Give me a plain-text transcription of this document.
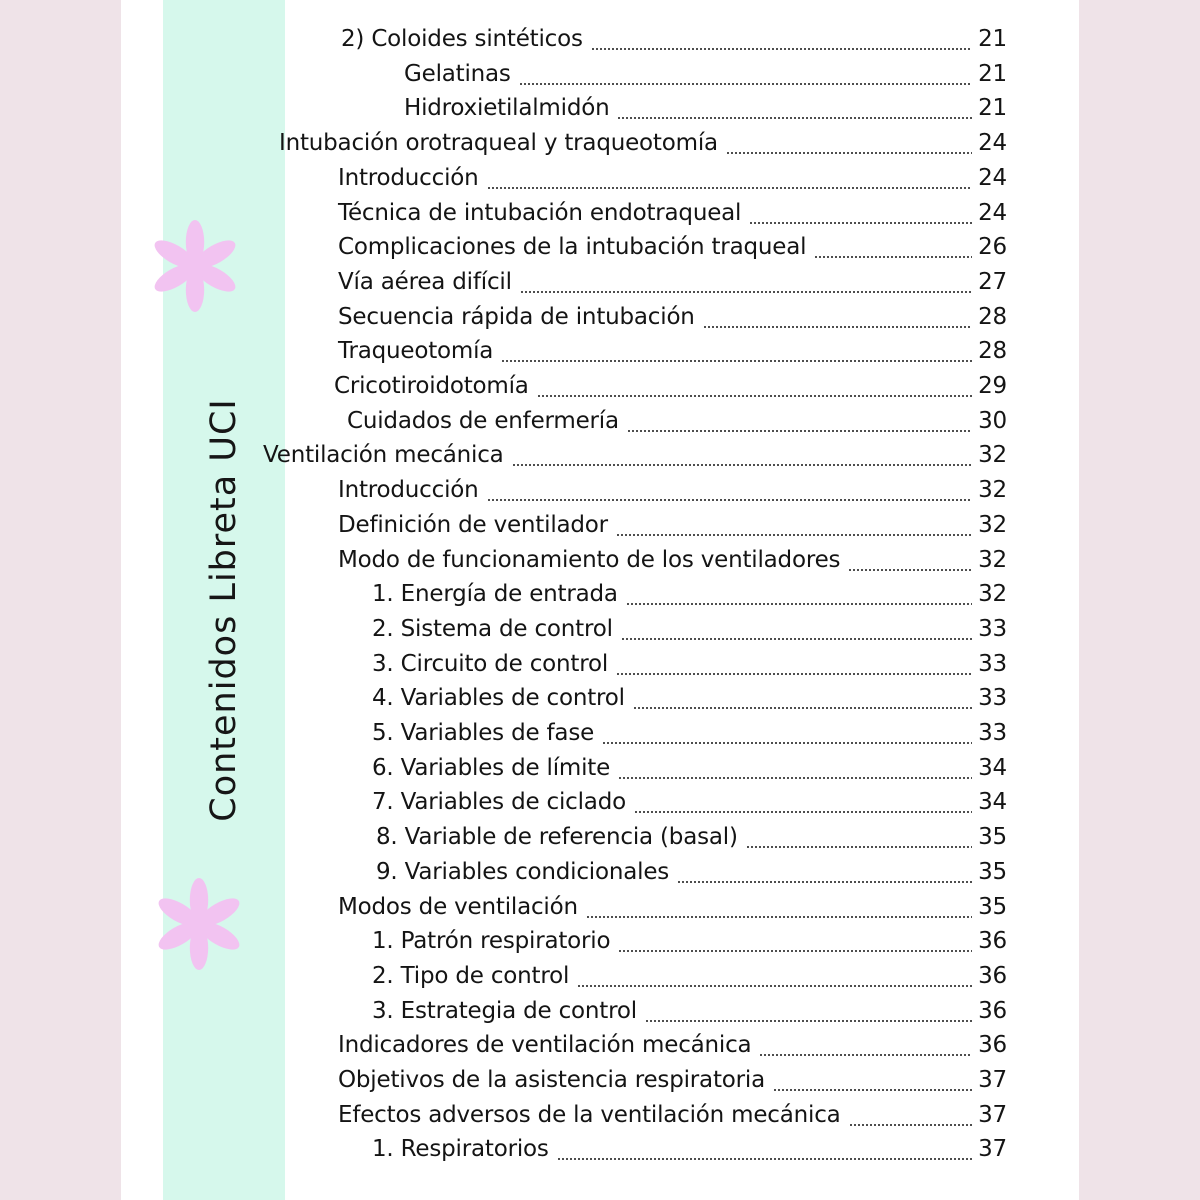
Contenidos Libreta UCI
2) Coloides sintéticos	21
Gelatinas	21
Hidroxietilalmidón	21
Intubación orotraqueal y traqueotomía	24
Introducción	24
Técnica de intubación endotraqueal	24
Complicaciones de la intubación traqueal	26
Vía aérea difícil	27
Secuencia rápida de intubación	28
Traqueotomía	28
Cricotiroidotomía	29
Cuidados de enfermería	30
Ventilación mecánica	32
Introducción	32
Definición de ventilador	32
Modo de funcionamiento de los ventiladores	32
1. Energía de entrada	32
2. Sistema de control	33
3. Circuito de control	33
4. Variables de control	33
5. Variables de fase	33
6. Variables de límite	34
7. Variables de ciclado	34
8. Variable de referencia (basal)	35
9. Variables condicionales	35
Modos de ventilación	35
1. Patrón respiratorio	36
2. Tipo de control	36
3. Estrategia de control	36
Indicadores de ventilación mecánica	36
Objetivos de la asistencia respiratoria	37
Efectos adversos de la ventilación mecánica	37
1. Respiratorios	37
